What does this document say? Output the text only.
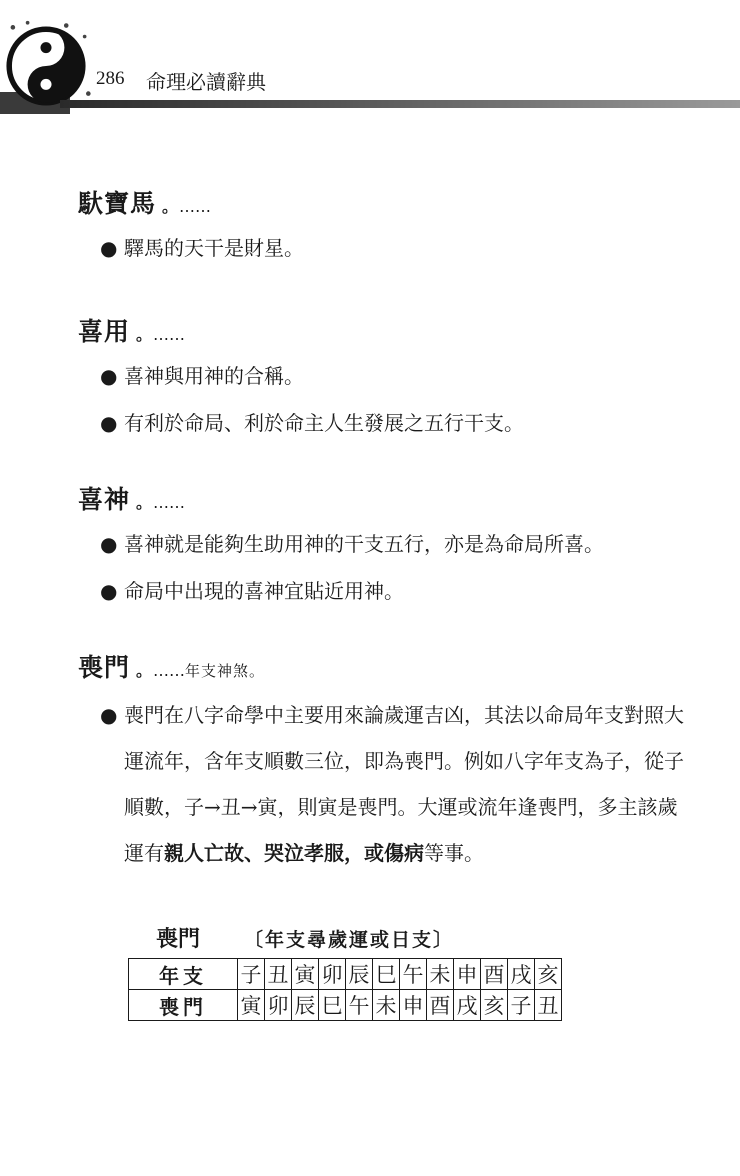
286 命理必讀辭典
馱寶馬 。……
● 驛馬的天干是財星。
喜用 。……
● 喜神與用神的合稱。
● 有利於命局、利於命主人生發展之五行干支。
喜神 。……
● 喜神就是能夠生助用神的干支五行，亦是為命局所喜。
● 命局中出現的喜神宜貼近用神。
喪門 。……年支神煞。
● 喪門在八字命學中主要用來論歲運吉凶，其法以命局年支對照大運流年，含年支順數三位，即為喪門。例如八字年支為子，從子順數，子→丑→寅，則寅是喪門。大運或流年逢喪門，多主該歲運有親人亡故、哭泣孝服，或傷病等事。
喪門 〔年支尋歲運或日支〕
年支	子	丑	寅	卯	辰	巳	午	未	申	酉	戌	亥
喪門	寅	卯	辰	巳	午	未	申	酉	戌	亥	子	丑
